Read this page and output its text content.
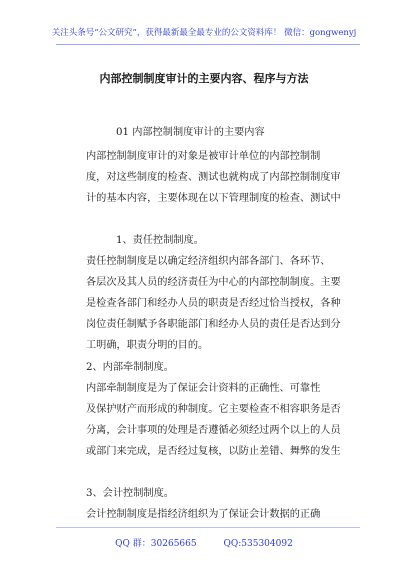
关注头条号“公文研究”，获得最新最全最专业的公文资料库！ 微信：gongwenyj
内部控制制度审计的主要内容、程序与方法
01 内部控制制度审计的主要内容
内部控制制度审计的对象是被审计单位的内部控制制
度，对这些制度的检查、测试也就构成了内部控制制度审
计的基本内容，主要体现在以下管理制度的检查、测试中
1、责任控制制度。
责任控制制度是以确定经济组织内部各部门、各环节、
各层次及其人员的经济责任为中心的内部控制制度。主要
是检查各部门和经办人员的职责是否经过恰当授权，各种
岗位责任制赋予各职能部门和经办人员的责任是否达到分
工明确，职责分明的目的。
2、内部牵制制度。
内部牵制制度是为了保证会计资料的正确性、可靠性
及保护财产而形成的种制度。它主要检查不相容职务是否
分离，会计事项的处理是否遵循必须经过两个以上的人员
或部门来完成，是否经过复核，以防止差错、舞弊的发生
3、会计控制制度。
会计控制制度是指经济组织为了保证会计数据的正确
QQ 群：30265665	QQ:535304092
